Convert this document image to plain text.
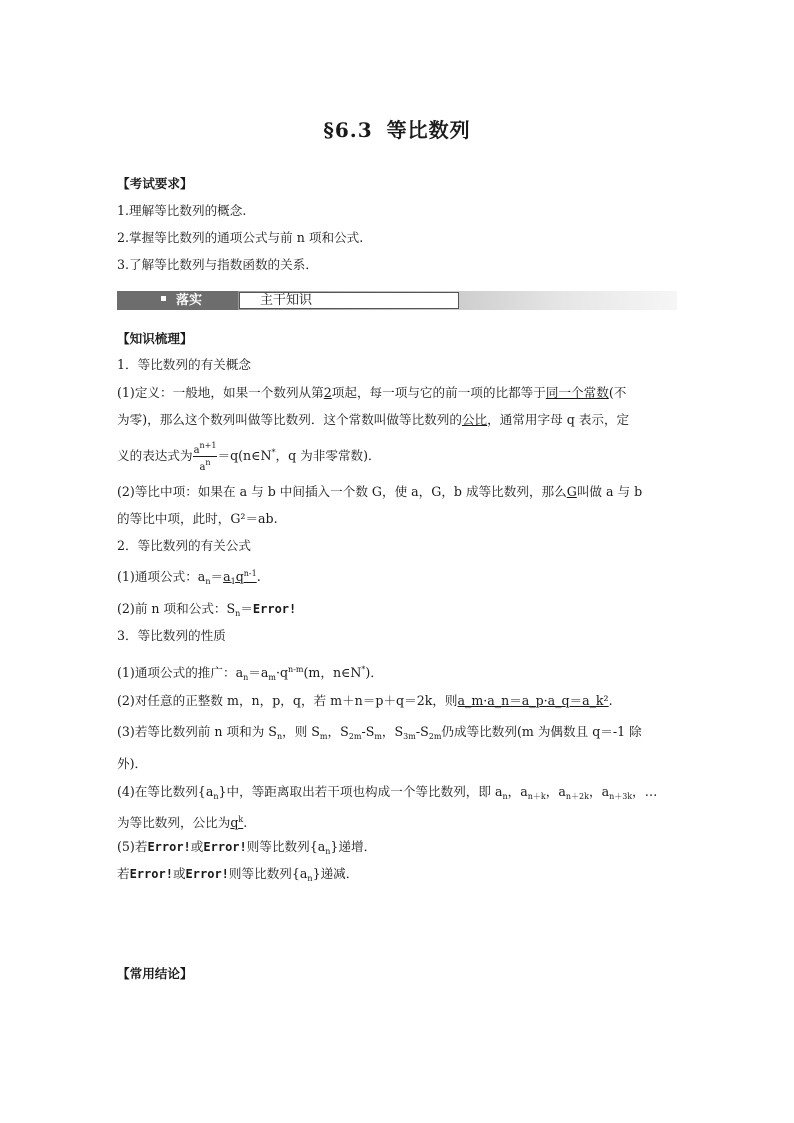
§6.3 等比数列
【考试要求】
1.理解等比数列的概念.
2.掌握等比数列的通项公式与前 n 项和公式.
3.了解等比数列与指数函数的关系．
落实	主干知识
【知识梳理】
1．等比数列的有关概念
(1)定义：一般地，如果一个数列从第2项起，每一项与它的前一项的比都等于同一个常数(不
为零)，那么这个数列叫做等比数列．这个常数叫做等比数列的公比，通常用字母 q 表示，定
义的表达式为 $\frac{a^{n+1}}{a^n}$ ＝q(n∈N*，q 为非零常数)．
(2)等比中项：如果在 a 与 b 中间插入一个数 G，使 a，G，b 成等比数列，那么G叫做 a 与 b
的等比中项，此时，G²＝ab.
2．等比数列的有关公式
(1)通项公式：$a_n=a_1q^{n-1}$.
(2)前 n 项和公式：$S_n=Error$!
3．等比数列的性质
(1)通项公式的推广：$a_n=a_m\cdot q^{n-m}(m$，n∈N*)．
(2)对任意的正整数 m，n，p，q，若 m＋n＝p＋q＝2k，则a_m·a_n＝a_p·a_q＝a_k².
(3)若等比数列前 n 项和为 $S_n$，则 $S_m$，$S_{2m}-S_m$，$S_{3m}-S_{2m}$仍成等比数列(m 为偶数且 q＝-1 除
外)．
(4)在等比数列$\{a_n\}$中，等距离取出若干项也构成一个等比数列，即 $a_n$，$a_{n+k}$，$a_{n+2k}$，$a_{n+3k}$，…
为等比数列，公比为$q^k$.
(5)若Error!或Error!则等比数列$\{a_n\}$递增．
若Error!或Error!则等比数列$\{a_n\}$递减．
【常用结论】
